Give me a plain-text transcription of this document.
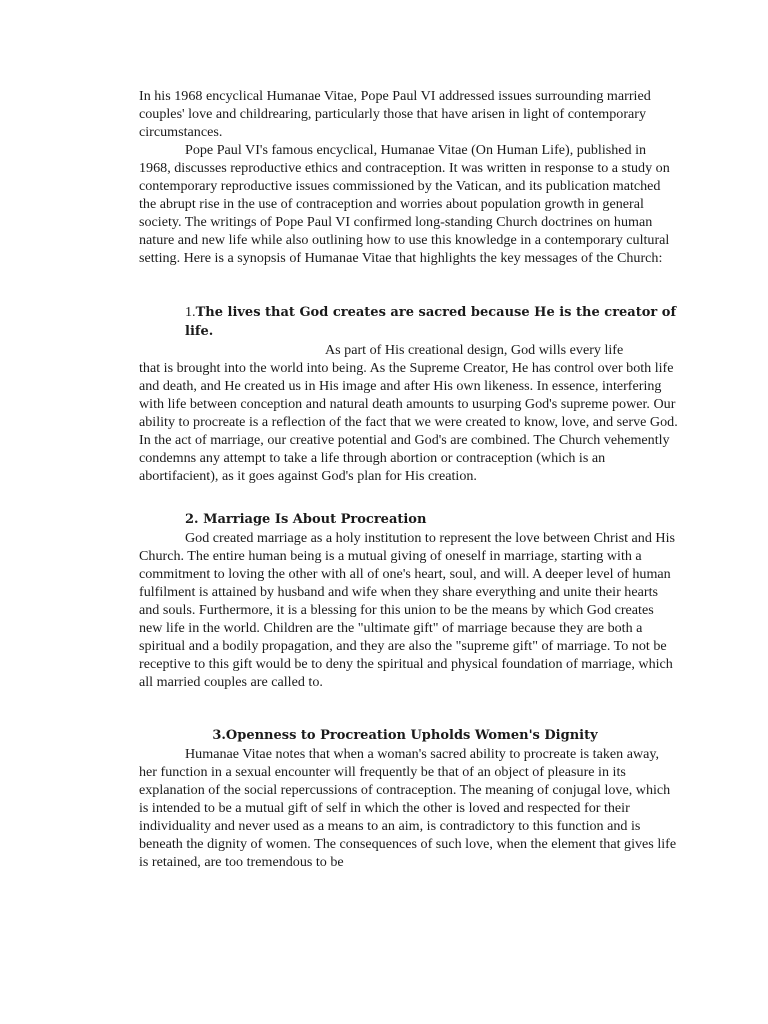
In his 1968 encyclical Humanae Vitae, Pope Paul VI addressed issues surrounding married couples' love and childrearing, particularly those that have arisen in light of contemporary circumstances.

Pope Paul VI's famous encyclical, Humanae Vitae (On Human Life), published in 1968, discusses reproductive ethics and contraception. It was written in response to a study on contemporary reproductive issues commissioned by the Vatican, and its publication matched the abrupt rise in the use of contraception and worries about population growth in general society. The writings of Pope Paul VI confirmed long-standing Church doctrines on human nature and new life while also outlining how to use this knowledge in a contemporary cultural setting. Here is a synopsis of Humanae Vitae that highlights the key messages of the Church:

1.The lives that God creates are sacred because He is the creator of life.
As part of His creational design, God wills every life

that is brought into the world into being. As the Supreme Creator, He has control over both life and death, and He created us in His image and after His own likeness. In essence, interfering with life between conception and natural death amounts to usurping God's supreme power. Our ability to procreate is a reflection of the fact that we were created to know, love, and serve God. In the act of marriage, our creative potential and God's are combined. The Church vehemently condemns any attempt to take a life through abortion or contraception (which is an abortifacient), as it goes against God's plan for His creation.

2. Marriage Is About Procreation

God created marriage as a holy institution to represent the love between Christ and His Church. The entire human being is a mutual giving of oneself in marriage, starting with a commitment to loving the other with all of one's heart, soul, and will. A deeper level of human fulfilment is attained by husband and wife when they share everything and unite their hearts and souls. Furthermore, it is a blessing for this union to be the means by which God creates new life in the world. Children are the "ultimate gift" of marriage because they are both a spiritual and a bodily propagation, and they are also the "supreme gift" of marriage. To not be receptive to this gift would be to deny the spiritual and physical foundation of marriage, which all married couples are called to.

3.Openness to Procreation Upholds Women's Dignity

Humanae Vitae notes that when a woman's sacred ability to procreate is taken away, her function in a sexual encounter will frequently be that of an object of pleasure in its explanation of the social repercussions of contraception. The meaning of conjugal love, which is intended to be a mutual gift of self in which the other is loved and respected for their individuality and never used as a means to an aim, is contradictory to this function and is beneath the dignity of women. The consequences of such love, when the element that gives life is retained, are too tremendous to be
